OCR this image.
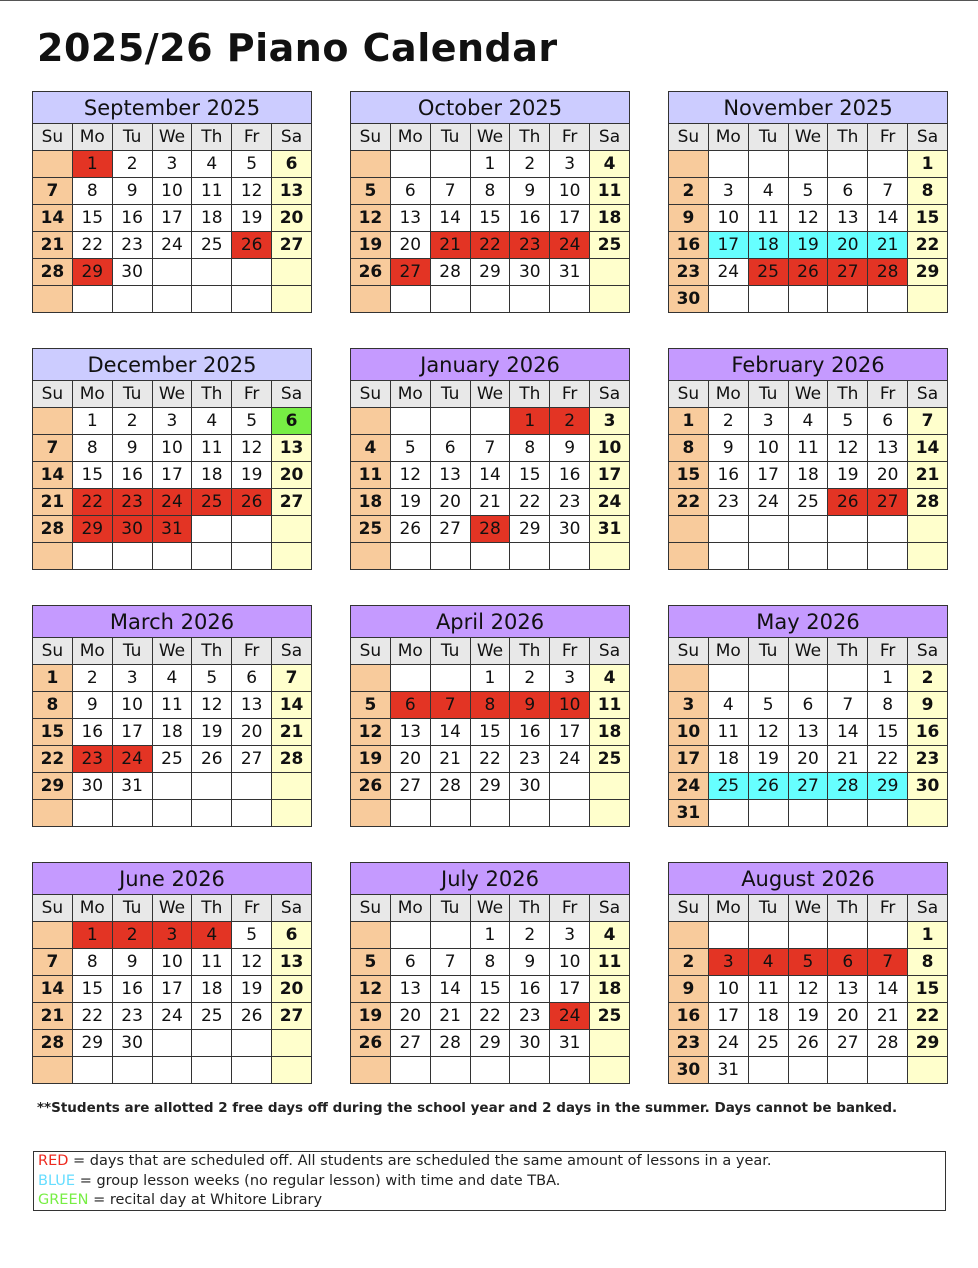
2025/26 Piano Calendar
September 2025
Su	Mo	Tu	We	Th	Fr	Sa
	1	2	3	4	5	6
7	8	9	10	11	12	13
14	15	16	17	18	19	20
21	22	23	24	25	26	27
28	29	30				

October 2025
Su	Mo	Tu	We	Th	Fr	Sa
			1	2	3	4
5	6	7	8	9	10	11
12	13	14	15	16	17	18
19	20	21	22	23	24	25
26	27	28	29	30	31	

November 2025
Su	Mo	Tu	We	Th	Fr	Sa
						1
2	3	4	5	6	7	8
9	10	11	12	13	14	15
16	17	18	19	20	21	22
23	24	25	26	27	28	29
30						
December 2025
Su	Mo	Tu	We	Th	Fr	Sa
	1	2	3	4	5	6
7	8	9	10	11	12	13
14	15	16	17	18	19	20
21	22	23	24	25	26	27
28	29	30	31			

January 2026
Su	Mo	Tu	We	Th	Fr	Sa
				1	2	3
4	5	6	7	8	9	10
11	12	13	14	15	16	17
18	19	20	21	22	23	24
25	26	27	28	29	30	31

February 2026
Su	Mo	Tu	We	Th	Fr	Sa
1	2	3	4	5	6	7
8	9	10	11	12	13	14
15	16	17	18	19	20	21
22	23	24	25	26	27	28

March 2026
Su	Mo	Tu	We	Th	Fr	Sa
1	2	3	4	5	6	7
8	9	10	11	12	13	14
15	16	17	18	19	20	21
22	23	24	25	26	27	28
29	30	31				

April 2026
Su	Mo	Tu	We	Th	Fr	Sa
			1	2	3	4
5	6	7	8	9	10	11
12	13	14	15	16	17	18
19	20	21	22	23	24	25
26	27	28	29	30		

May 2026
Su	Mo	Tu	We	Th	Fr	Sa
					1	2
3	4	5	6	7	8	9
10	11	12	13	14	15	16
17	18	19	20	21	22	23
24	25	26	27	28	29	30
31						
June 2026
Su	Mo	Tu	We	Th	Fr	Sa
	1	2	3	4	5	6
7	8	9	10	11	12	13
14	15	16	17	18	19	20
21	22	23	24	25	26	27
28	29	30				

July 2026
Su	Mo	Tu	We	Th	Fr	Sa
			1	2	3	4
5	6	7	8	9	10	11
12	13	14	15	16	17	18
19	20	21	22	23	24	25
26	27	28	29	30	31	

August 2026
Su	Mo	Tu	We	Th	Fr	Sa
						1
2	3	4	5	6	7	8
9	10	11	12	13	14	15
16	17	18	19	20	21	22
23	24	25	26	27	28	29
30	31					
**Students are allotted 2 free days off during the school year and 2 days in the summer. Days cannot be banked.
RED = days that are scheduled off. All students are scheduled the same amount of lessons in a year.
BLUE = group lesson weeks (no regular lesson) with time and date TBA.
GREEN = recital day at Whitore Library
